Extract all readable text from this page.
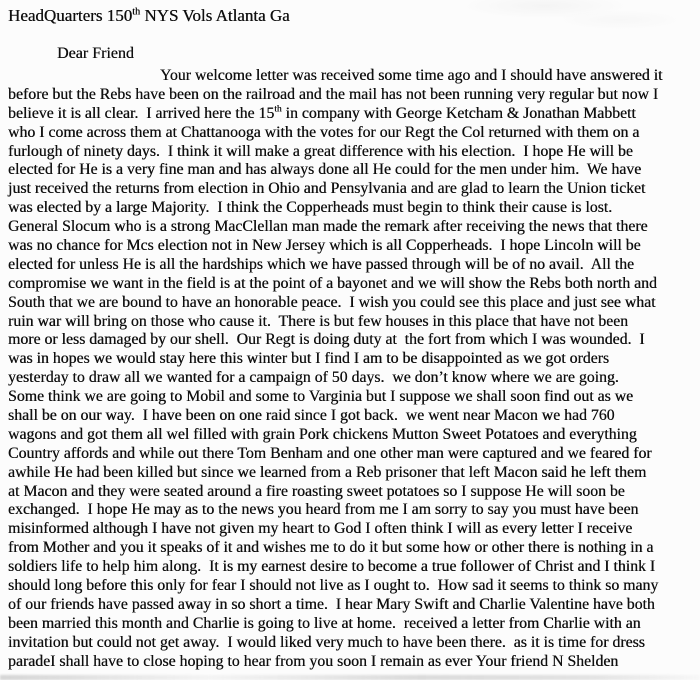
HeadQuarters 150th NYS Vols Atlanta Ga
Dear Friend
Your welcome letter was received some time ago and I should have answered it
before but the Rebs have been on the railroad and the mail has not been running very regular but now I
believe it is all clear.  I arrived here the 15th in company with George Ketcham & Jonathan Mabbett
who I come across them at Chattanooga with the votes for our Regt the Col returned with them on a
furlough of ninety days.  I think it will make a great difference with his election.  I hope He will be
elected for He is a very fine man and has always done all He could for the men under him.  We have
just received the returns from election in Ohio and Pensylvania and are glad to learn the Union ticket
was elected by a large Majority.  I think the Copperheads must begin to think their cause is lost.
General Slocum who is a strong MacClellan man made the remark after receiving the news that there
was no chance for Mcs election not in New Jersey which is all Copperheads.  I hope Lincoln will be
elected for unless He is all the hardships which we have passed through will be of no avail.  All the
compromise we want in the field is at the point of a bayonet and we will show the Rebs both north and
South that we are bound to have an honorable peace.  I wish you could see this place and just see what
ruin war will bring on those who cause it.  There is but few houses in this place that have not been
more or less damaged by our shell.  Our Regt is doing duty at  the fort from which I was wounded.  I
was in hopes we would stay here this winter but I find I am to be disappointed as we got orders
yesterday to draw all we wanted for a campaign of 50 days.  we don’t know where we are going.
Some think we are going to Mobil and some to Varginia but I suppose we shall soon find out as we
shall be on our way.  I have been on one raid since I got back.  we went near Macon we had 760
wagons and got them all wel filled with grain Pork chickens Mutton Sweet Potatoes and everything
Country affords and while out there Tom Benham and one other man were captured and we feared for
awhile He had been killed but since we learned from a Reb prisoner that left Macon said he left them
at Macon and they were seated around a fire roasting sweet potatoes so I suppose He will soon be
exchanged.  I hope He may as to the news you heard from me I am sorry to say you must have been
misinformed although I have not given my heart to God I often think I will as every letter I receive
from Mother and you it speaks of it and wishes me to do it but some how or other there is nothing in a
soldiers life to help him along.  It is my earnest desire to become a true follower of Christ and I think I
should long before this only for fear I should not live as I ought to.  How sad it seems to think so many
of our friends have passed away in so short a time.  I hear Mary Swift and Charlie Valentine have both
been married this month and Charlie is going to live at home.  received a letter from Charlie with an
invitation but could not get away.  I would liked very much to have been there.  as it is time for dress
paradeI shall have to close hoping to hear from you soon I remain as ever Your friend N Shelden
